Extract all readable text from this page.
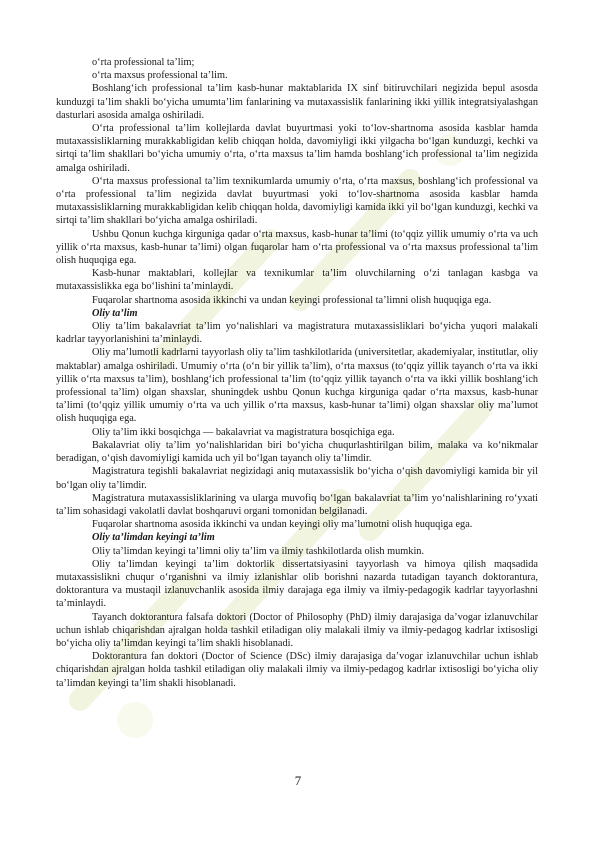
o‘rta professional ta’lim;

o‘rta maxsus professional ta’lim.

Boshlang‘ich professional ta’lim kasb-hunar maktablarida IX sinf bitiruvchilari negizida bepul asosda kunduzgi ta’lim shakli bo‘yicha umumta’lim fanlarining va mutaxassislik fanlarining ikki yillik integratsiyalashgan dasturlari asosida amalga oshiriladi.

O‘rta professional ta’lim kollejlarda davlat buyurtmasi yoki to‘lov-shartnoma asosida kasblar hamda mutaxassisliklarning murakkabligidan kelib chiqqan holda, davomiyligi ikki yilgacha bo‘lgan kunduzgi, kechki va sirtqi ta’lim shakllari bo‘yicha umumiy o‘rta, o‘rta maxsus ta’lim hamda boshlang‘ich professional ta’lim negizida amalga oshiriladi.

O‘rta maxsus professional ta’lim texnikumlarda umumiy o‘rta, o‘rta maxsus, boshlang‘ich professional va o‘rta professional ta’lim negizida davlat buyurtmasi yoki to‘lov-shartnoma asosida kasblar hamda mutaxassisliklarning murakkabligidan kelib chiqqan holda, davomiyligi kamida ikki yil bo‘lgan kunduzgi, kechki va sirtqi ta’lim shakllari bo‘yicha amalga oshiriladi.

Ushbu Qonun kuchga kirguniga qadar o‘rta maxsus, kasb-hunar ta’limi (to‘qqiz yillik umumiy o‘rta va uch yillik o‘rta maxsus, kasb-hunar ta’limi) olgan fuqarolar ham o‘rta professional va o‘rta maxsus professional ta’lim olish huquqiga ega.

Kasb-hunar maktablari, kollejlar va texnikumlar ta’lim oluvchilarning o‘zi tanlagan kasbga va mutaxassislikka ega bo‘lishini ta’minlaydi.

Fuqarolar shartnoma asosida ikkinchi va undan keyingi professional ta’limni olish huquqiga ega.

Oliy ta’lim

Oliy ta’lim bakalavriat ta’lim yo‘nalishlari va magistratura mutaxassisliklari bo‘yicha yuqori malakali kadrlar tayyorlanishini ta’minlaydi.

Oliy ma’lumotli kadrlarni tayyorlash oliy ta’lim tashkilotlarida (universitetlar, akademiyalar, institutlar, oliy maktablar) amalga oshiriladi. Umumiy o‘rta (o‘n bir yillik ta’lim), o‘rta maxsus (to‘qqiz yillik tayanch o‘rta va ikki yillik o‘rta maxsus ta’lim), boshlang‘ich professional ta’lim (to‘qqiz yillik tayanch o‘rta va ikki yillik boshlang‘ich professional ta’lim) olgan shaxslar, shuningdek ushbu Qonun kuchga kirguniga qadar o‘rta maxsus, kasb-hunar ta’limi (to‘qqiz yillik umumiy o‘rta va uch yillik o‘rta maxsus, kasb-hunar ta’limi) olgan shaxslar oliy ma’lumot olish huquqiga ega.

Oliy ta’lim ikki bosqichga — bakalavriat va magistratura bosqichiga ega.

Bakalavriat oliy ta’lim yo‘nalishlaridan biri bo‘yicha chuqurlashtirilgan bilim, malaka va ko‘nikmalar beradigan, o‘qish davomiyligi kamida uch yil bo‘lgan tayanch oliy ta’limdir.

Magistratura tegishli bakalavriat negizidagi aniq mutaxassislik bo‘yicha o‘qish davomiyligi kamida bir yil bo‘lgan oliy ta’limdir.

Magistratura mutaxassisliklarining va ularga muvofiq bo‘lgan bakalavriat ta’lim yo‘nalishlarining ro‘yxati ta’lim sohasidagi vakolatli davlat boshqaruvi organi tomonidan belgilanadi.

Fuqarolar shartnoma asosida ikkinchi va undan keyingi oliy ma’lumotni olish huquqiga ega.

Oliy ta’limdan keyingi ta’lim

Oliy ta’limdan keyingi ta’limni oliy ta’lim va ilmiy tashkilotlarda olish mumkin.

Oliy ta’limdan keyingi ta’lim doktorlik dissertatsiyasini tayyorlash va himoya qilish maqsadida mutaxassislikni chuqur o‘rganishni va ilmiy izlanishlar olib borishni nazarda tutadigan tayanch doktorantura, doktorantura va mustaqil izlanuvchanlik asosida ilmiy darajaga ega ilmiy va ilmiy-pedagogik kadrlar tayyorlashni ta’minlaydi.

Tayanch doktorantura falsafa doktori (Doctor of Philosophy (PhD) ilmiy darajasiga da’vogar izlanuvchilar uchun ishlab chiqarishdan ajralgan holda tashkil etiladigan oliy malakali ilmiy va ilmiy-pedagog kadrlar ixtisosligi bo‘yicha oliy ta’limdan keyingi ta’lim shakli hisoblanadi.

Doktorantura fan doktori (Doctor of Science (DSc) ilmiy darajasiga da’vogar izlanuvchilar uchun ishlab chiqarishdan ajralgan holda tashkil etiladigan oliy malakali ilmiy va ilmiy-pedagog kadrlar ixtisosligi bo‘yicha oliy ta’limdan keyingi ta’lim shakli hisoblanadi.

7
